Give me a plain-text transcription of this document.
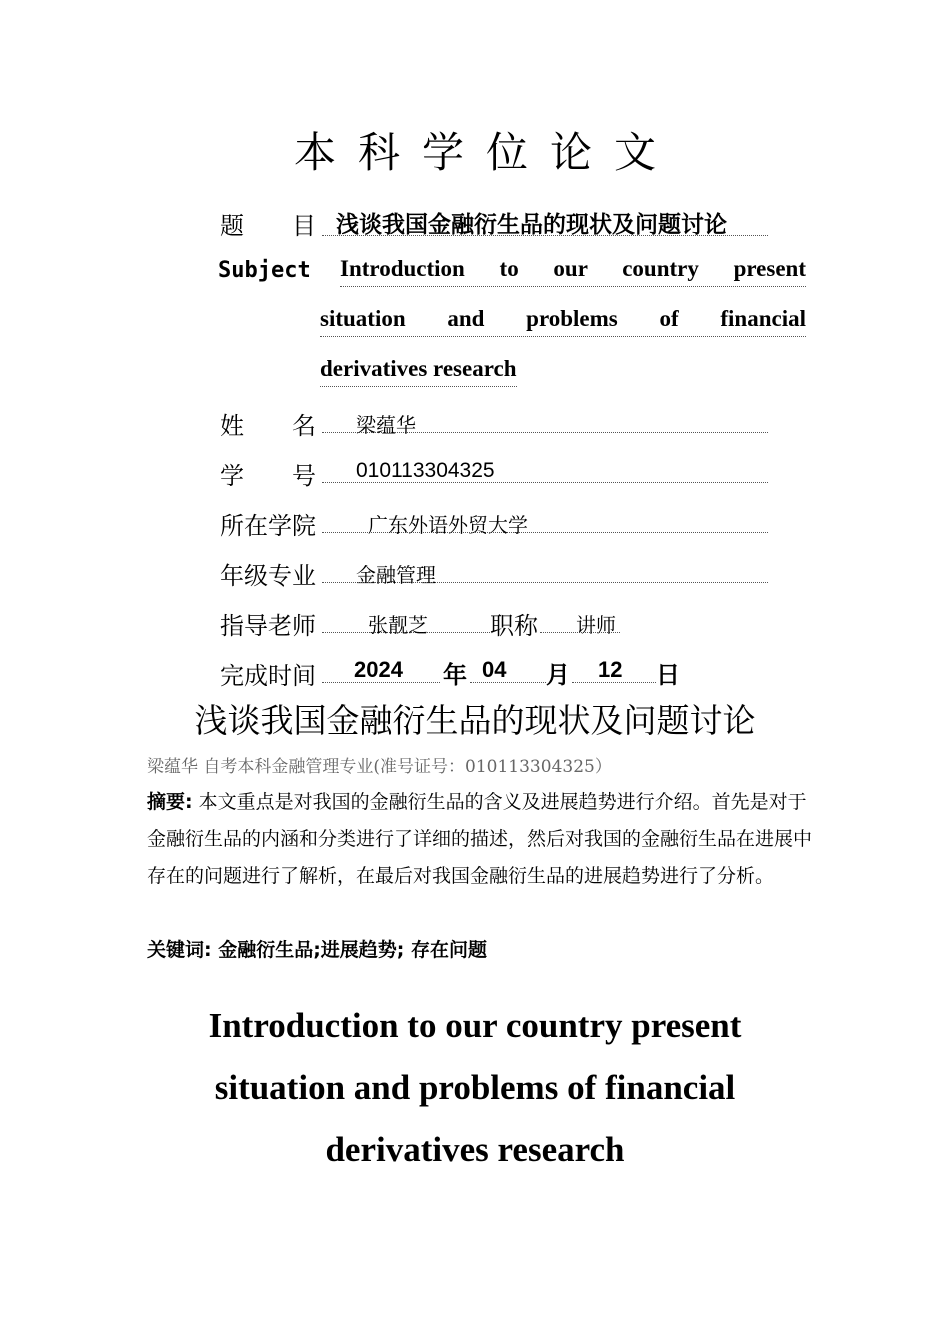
本科学位论文
题　　目 浅谈我国金融衍生品的现状及问题讨论
Subject Introduction to our country present
situation and problems of financial
derivatives research
姓　　名	梁蕴华
学　　号	010113304325
所在学院	广东外语外贸大学
年级专业	金融管理
指导老师	张靓芝	职称	讲师
完成时间	2024	年 04	月	12	日
浅谈我国金融衍生品的现状及问题讨论
梁蕴华 自考本科金融管理专业(准号证号：010113304325）
摘要: 本文重点是对我国的金融衍生品的含义及进展趋势进行介绍。首先是对于金融衍生品的内涵和分类进行了详细的描述，然后对我国的金融衍生品在进展中存在的问题进行了解析，在最后对我国金融衍生品的进展趋势进行了分析。
关键词: 金融衍生品;进展趋势; 存在问题
Introduction to our country present
situation and problems of financial
derivatives research
